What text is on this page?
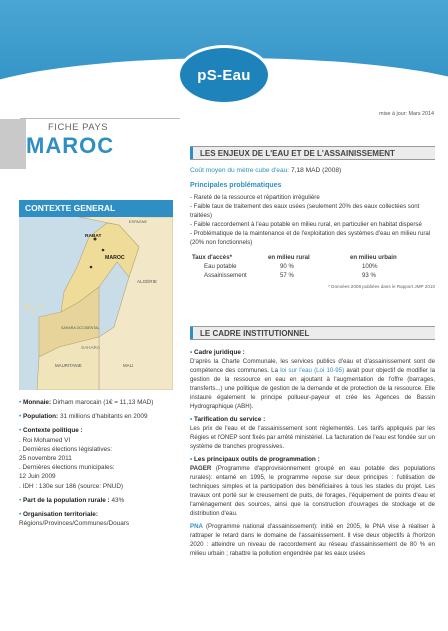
pS-Eau
mise à jour: Mars 2014
FICHE PAYS
MAROC
CONTEXTE GENERAL
RABAT
MAROC
ALGÉRIE
ESPAGNE
SAHARA OCCIDENTAL
SAHARA
MAURITANIE	MALI
• Monnaie: Dirham marocain (1€ = 11,13 MAD)
• Population: 31 millions d'habitants en 2009
• Contexte politique :
. Roi Mohamed VI
. Dernières élections législatives:
25 novembre 2011
. Dernières élections municipales:
12 Juin 2009
. IDH : 130e sur 186 (source: PNUD)
• Part de la population rurale : 43%
• Organisation territoriale:
Régions/Provinces/Communes/Douars
LES ENJEUX DE L'EAU ET DE L'ASSAINISSEMENT
Coût moyen du mètre cube d'eau: 7,18 MAD (2008)
Principales problématiques
- Rareté de la ressource et répartition irrégulière
- Faible taux de traitement des eaux usées (seulement 20% des eaux collectées sont traitées)
- Faible raccordement à l'eau potable en milieu rural, en particulier en habitat dispersé
- Problématique de la maintenance et de l'exploitation des systèmes d'eau en milieu rural (20% non fonctionnels)
Taux d'accès*	en milieu rural	en milieu urbain
Eau potable	90 %	100%
Assainissement	57 %	93 %
* Données 2008 publiées dans le Rapport JMP 2010
LE CADRE INSTITUTIONNEL
• Cadre juridique :
D'après la Charte Communale, les services publics d'eau et d'assainissement sont de compétence des communes. La loi sur l'eau (Loi 10-95) avait pour objectif de modifier la gestion de la ressource en eau en ajoutant à l'augmentation de l'offre (barrages, transferts...) une politique de gestion de la demande et de protection de la ressource. Elle instaure également le principe pollueur-payeur et crée les Agences de Bassin Hydrographique (ABH).
• Tarification du service :
Les prix de l'eau et de l'assainissement sont réglementés. Les tarifs appliqués par les Régies et l'ONEP sont fixés par arrêté ministériel. La facturation de l'eau est fondée sur un système de tranches progressives.
• Les principaux outils de programmation :
PAGER (Programme d'approvisionnement groupé en eau potable des populations rurales): entamé en 1995, le programme repose sur deux principes : l'utilisation de techniques simples et la participation des bénéficiaires à tous les stades du projet. Les travaux ont porté sur le creusement de puits, de forages, l'équipement de points d'eau et l'aménagement des sources, ainsi que la construction d'ouvrages de stockage et de distribution d'eau.
PNA (Programme national d'assainissement): initié en 2005, le PNA vise à réaliser à rattraper le retard dans le domaine de l'assainissement. Il vise deux objectifs à l'horizon 2020 : atteindre un niveau de raccordement au réseau d'assainissement de 80 % en milieu urbain ; rabattre la pollution engendrée par les eaux usées
